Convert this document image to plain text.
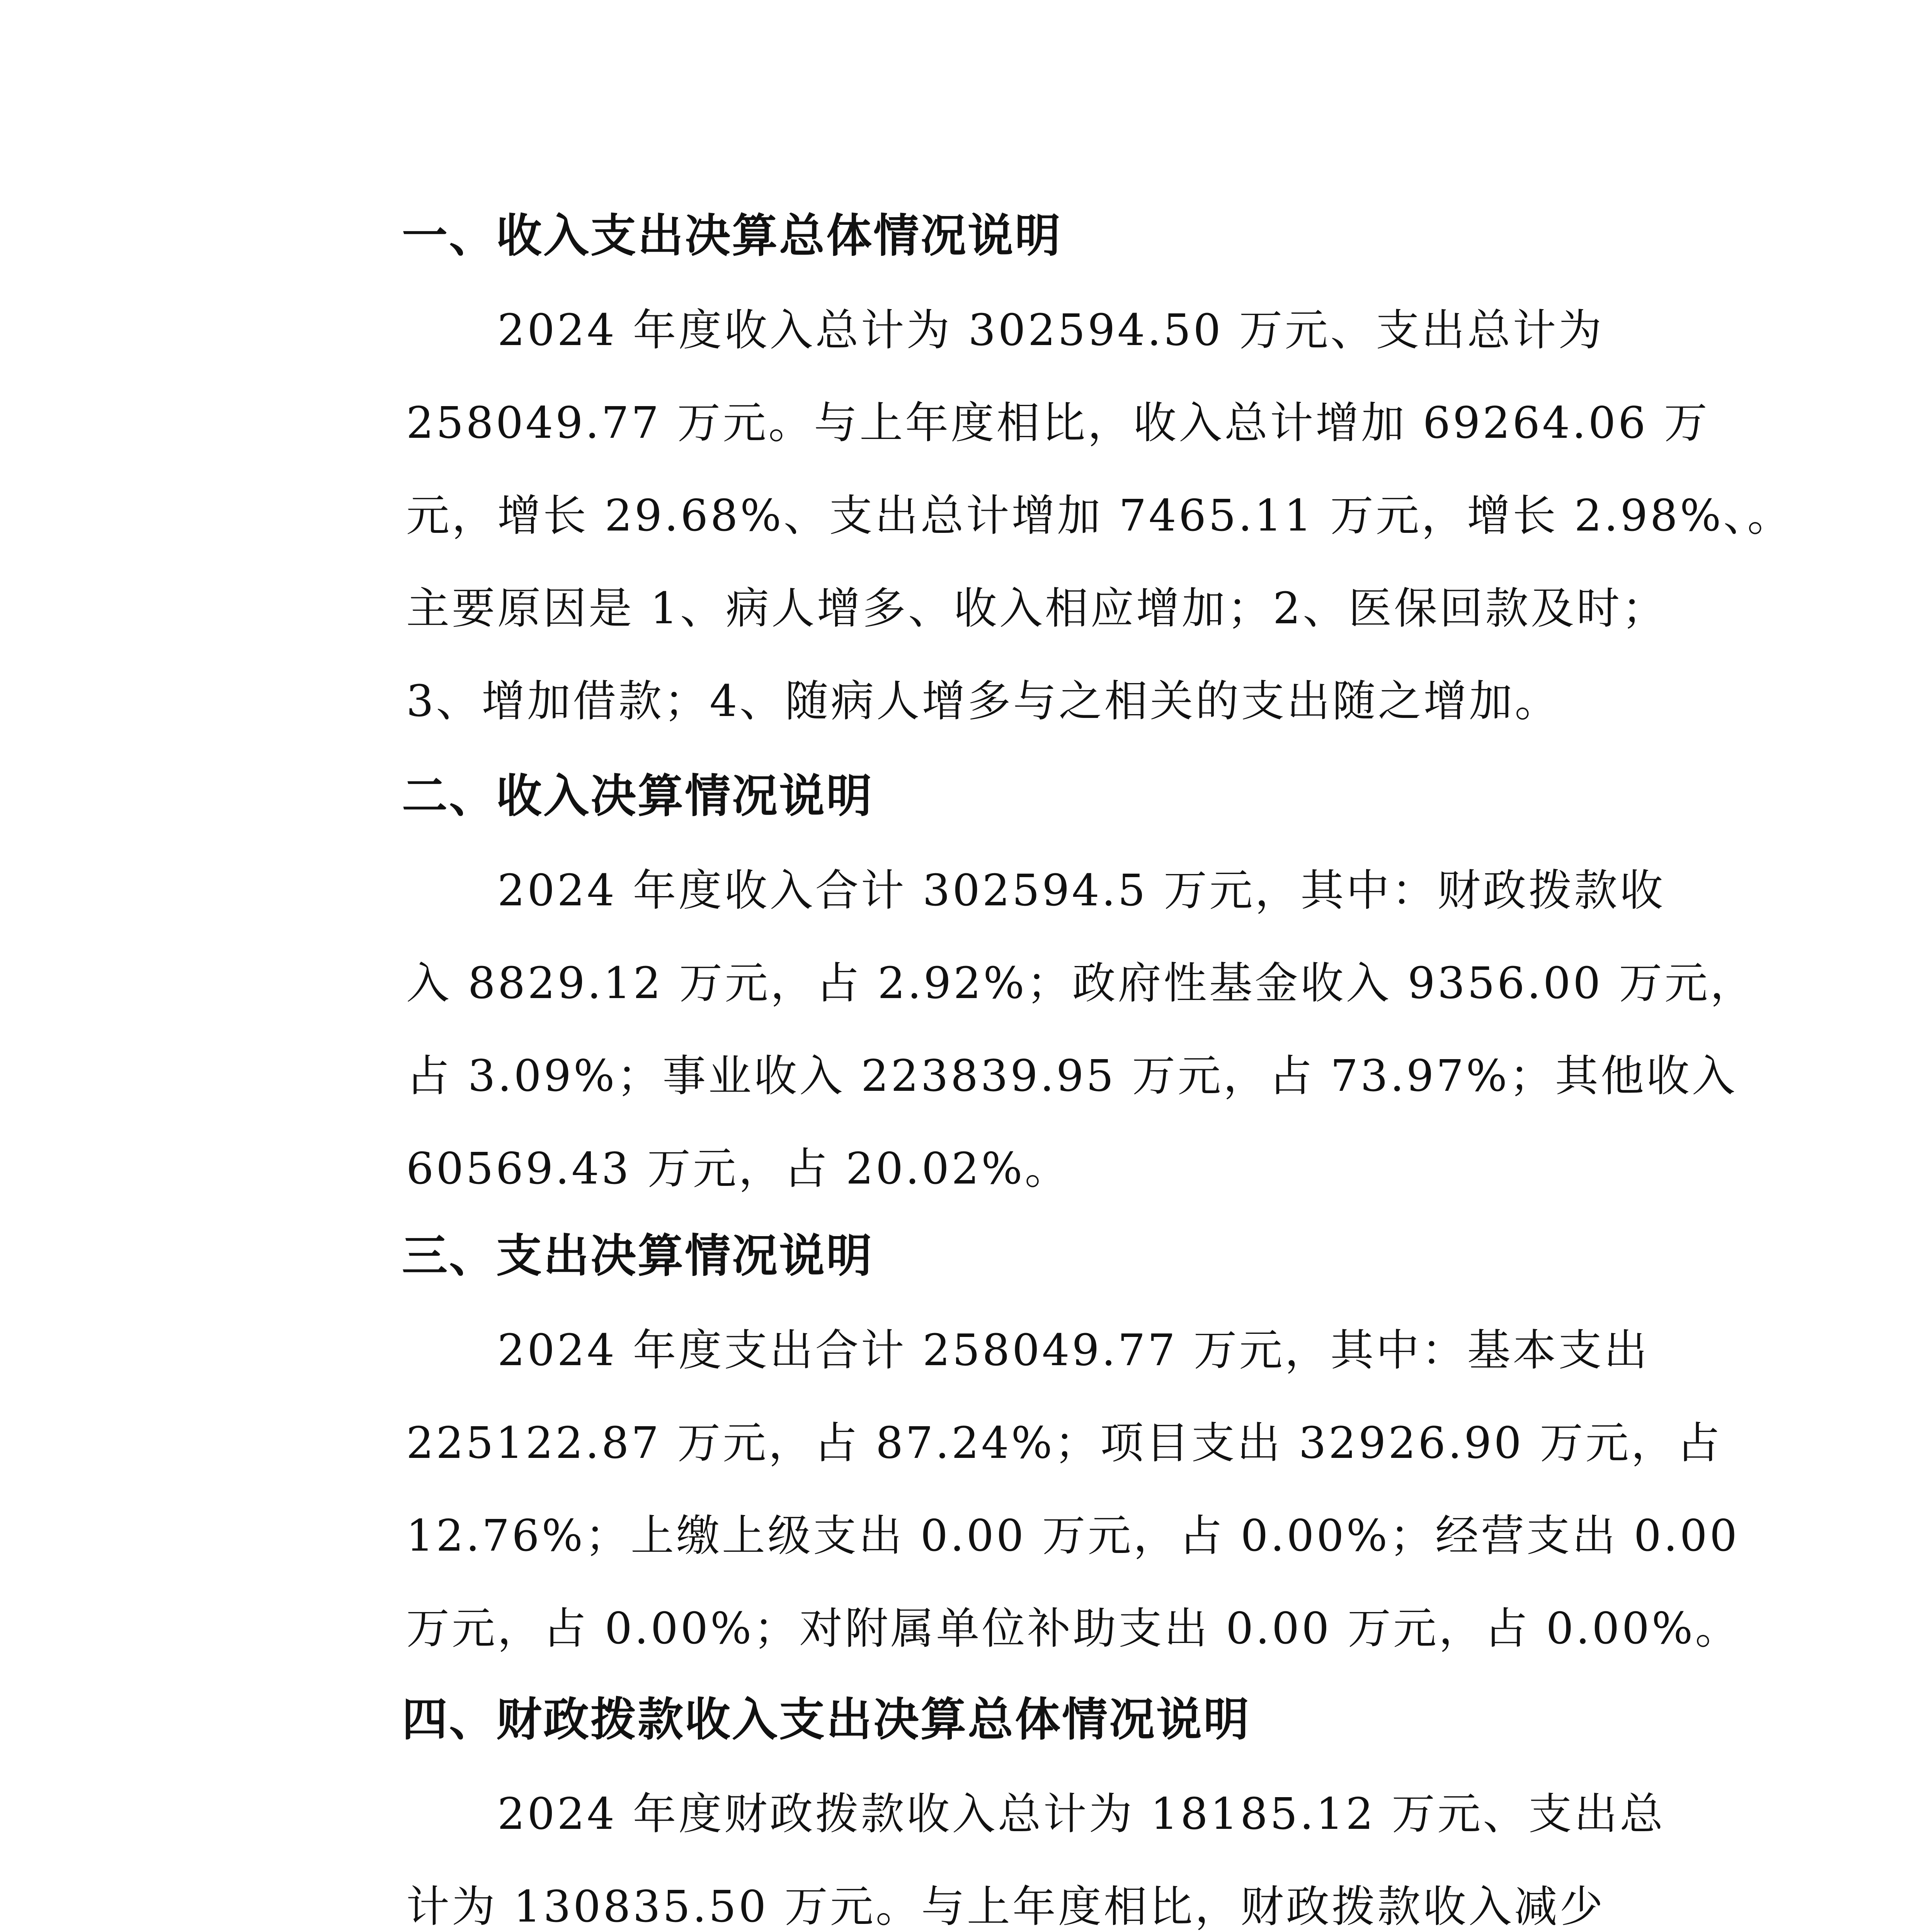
一、收入支出决算总体情况说明
2024 年度收入总计为 302594.50 万元、支出总计为
258049.77 万元。与上年度相比，收入总计增加 69264.06 万
元，增长 29.68%、支出总计增加 7465.11 万元，增长 2.98%、。
主要原因是 1、病人增多、收入相应增加；2、医保回款及时；
3、增加借款；4、随病人增多与之相关的支出随之增加。
二、收入决算情况说明
2024 年度收入合计 302594.5 万元，其中：财政拨款收
入 8829.12 万元，占 2.92%；政府性基金收入 9356.00 万元，
占 3.09%；事业收入 223839.95 万元，占 73.97%；其他收入
60569.43 万元，占 20.02%。
三、支出决算情况说明
2024 年度支出合计 258049.77 万元，其中：基本支出
225122.87 万元，占 87.24%；项目支出 32926.90 万元，占
12.76%；上缴上级支出 0.00 万元，占 0.00%；经营支出 0.00
万元，占 0.00%；对附属单位补助支出 0.00 万元，占 0.00%。
四、财政拨款收入支出决算总体情况说明
2024 年度财政拨款收入总计为 18185.12 万元、支出总
计为 130835.50 万元。与上年度相比，财政拨款收入减少
